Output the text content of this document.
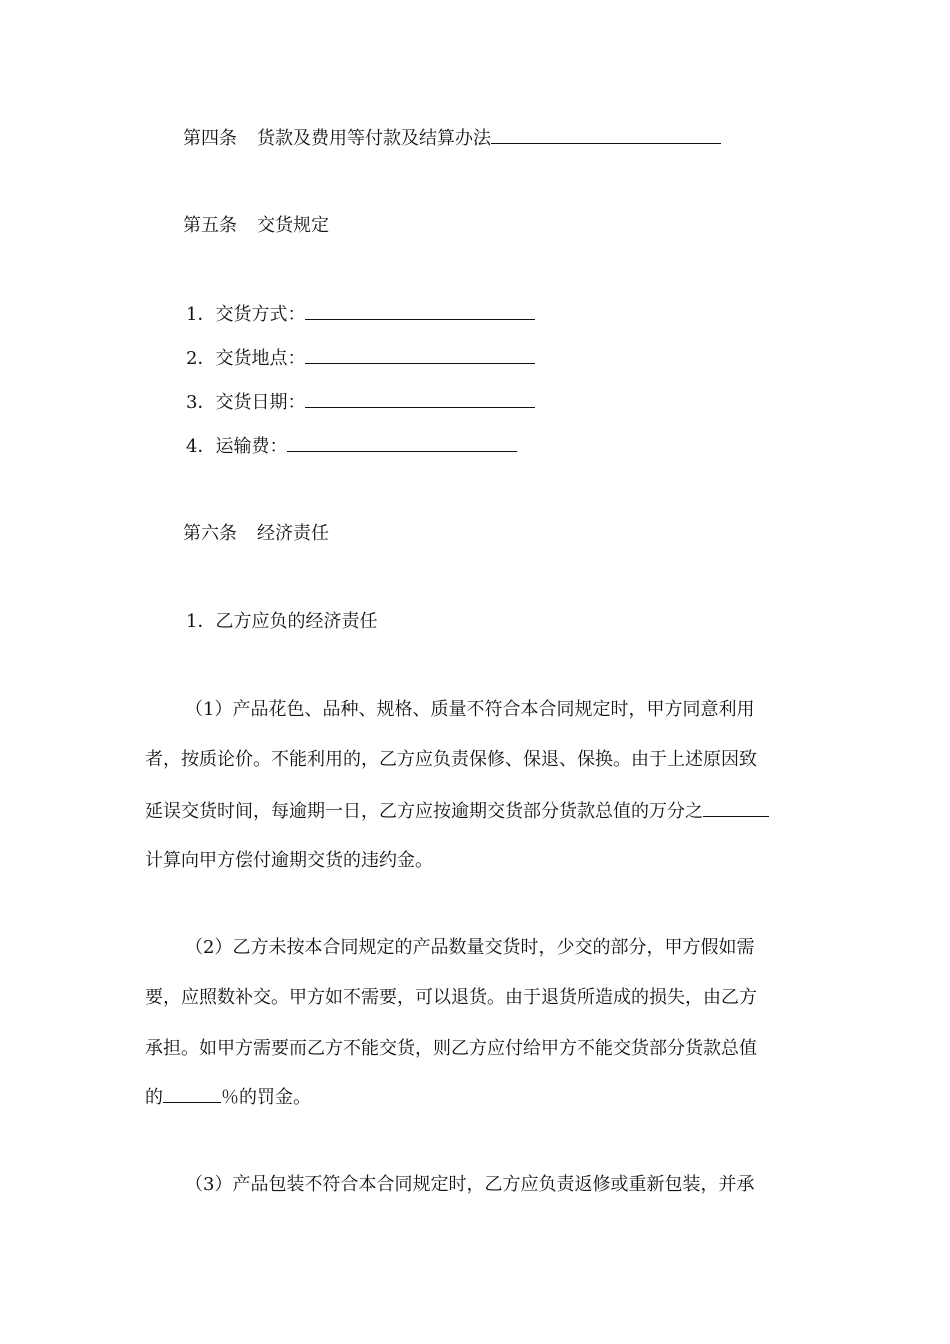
第四条 货款及费用等付款及结算办法
第五条 交货规定
1．交货方式：
2．交货地点：
3．交货日期：
4．运输费：
第六条 经济责任
1．乙方应负的经济责任
（1）产品花色、品种、规格、质量不符合本合同规定时，甲方同意利用
者，按质论价。不能利用的，乙方应负责保修、保退、保换。由于上述原因致
延误交货时间，每逾期一日，乙方应按逾期交货部分货款总值的万分之
计算向甲方偿付逾期交货的违约金。
（2）乙方未按本合同规定的产品数量交货时，少交的部分，甲方假如需
要，应照数补交。甲方如不需要，可以退货。由于退货所造成的损失，由乙方
承担。如甲方需要而乙方不能交货，则乙方应付给甲方不能交货部分货款总值
的	％的罚金。
（3）产品包装不符合本合同规定时，乙方应负责返修或重新包装，并承
